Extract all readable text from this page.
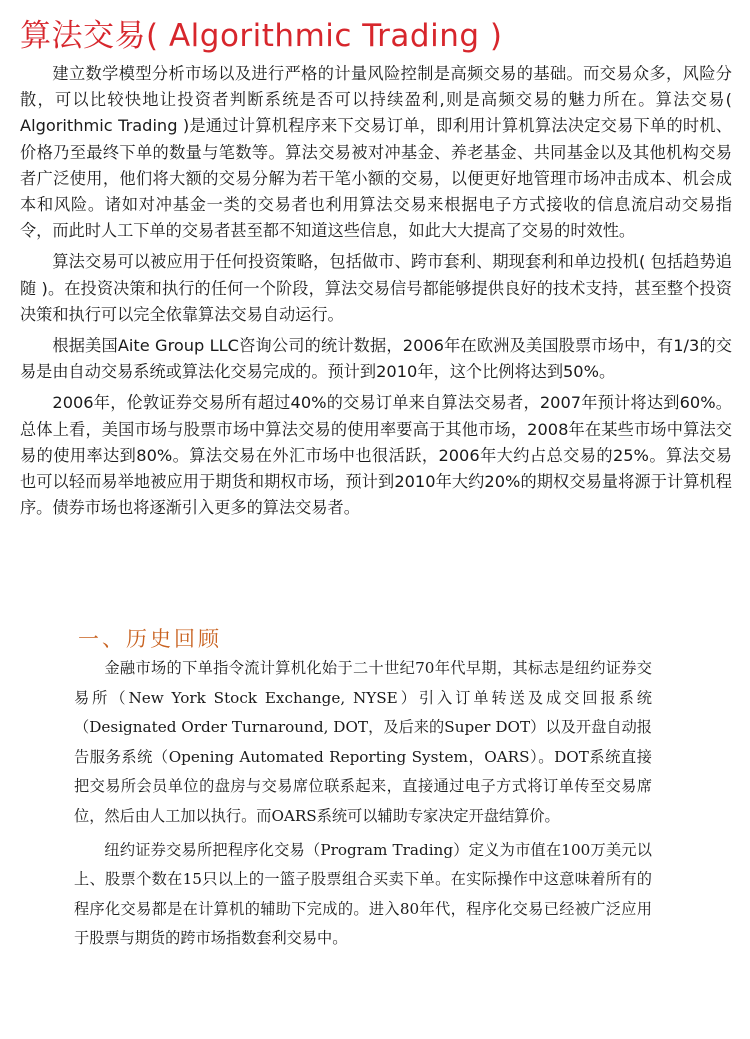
算法交易( Algorithmic Trading )

建立数学模型分析市场以及进行严格的计量风险控制是高频交易的基础。而交易众多，风险分散，可以比较快地让投资者判断系统是否可以持续盈利,则是高频交易的魅力所在。算法交易( Algorithmic Trading )是通过计算机程序来下交易订单，即利用计算机算法决定交易下单的时机、价格乃至最终下单的数量与笔数等。算法交易被对冲基金、养老基金、共同基金以及其他机构交易者广泛使用，他们将大额的交易分解为若干笔小额的交易，以便更好地管理市场冲击成本、机会成本和风险。诸如对冲基金一类的交易者也利用算法交易来根据电子方式接收的信息流启动交易指令，而此时人工下单的交易者甚至都不知道这些信息，如此大大提高了交易的时效性。

算法交易可以被应用于任何投资策略，包括做市、跨市套利、期现套利和单边投机( 包括趋势追随 )。在投资决策和执行的任何一个阶段，算法交易信号都能够提供良好的技术支持，甚至整个投资决策和执行可以完全依靠算法交易自动运行。

根据美国Aite Group LLC咨询公司的统计数据，2006年在欧洲及美国股票市场中，有1/3的交易是由自动交易系统或算法化交易完成的。预计到2010年，这个比例将达到50%。

2006年，伦敦证券交易所有超过40%的交易订单来自算法交易者，2007年预计将达到60%。总体上看，美国市场与股票市场中算法交易的使用率要高于其他市场，2008年在某些市场中算法交易的使用率达到80%。算法交易在外汇市场中也很活跃，2006年大约占总交易的25%。算法交易也可以轻而易举地被应用于期货和期权市场，预计到2010年大约20%的期权交易量将源于计算机程序。债券市场也将逐渐引入更多的算法交易者。

一、历史回顾

金融市场的下单指令流计算机化始于二十世纪70年代早期，其标志是纽约证券交易所（New York Stock Exchange, NYSE）引入订单转送及成交回报系统（Designated Order Turnaround, DOT，及后来的Super DOT）以及开盘自动报告服务系统（Opening Automated Reporting System，OARS）。DOT系统直接把交易所会员单位的盘房与交易席位联系起来，直接通过电子方式将订单传至交易席位，然后由人工加以执行。而OARS系统可以辅助专家决定开盘结算价。

纽约证券交易所把程序化交易（Program Trading）定义为市值在100万美元以上、股票个数在15只以上的一篮子股票组合买卖下单。在实际操作中这意味着所有的程序化交易都是在计算机的辅助下完成的。进入80年代，程序化交易已经被广泛应用于股票与期货的跨市场指数套利交易中。
